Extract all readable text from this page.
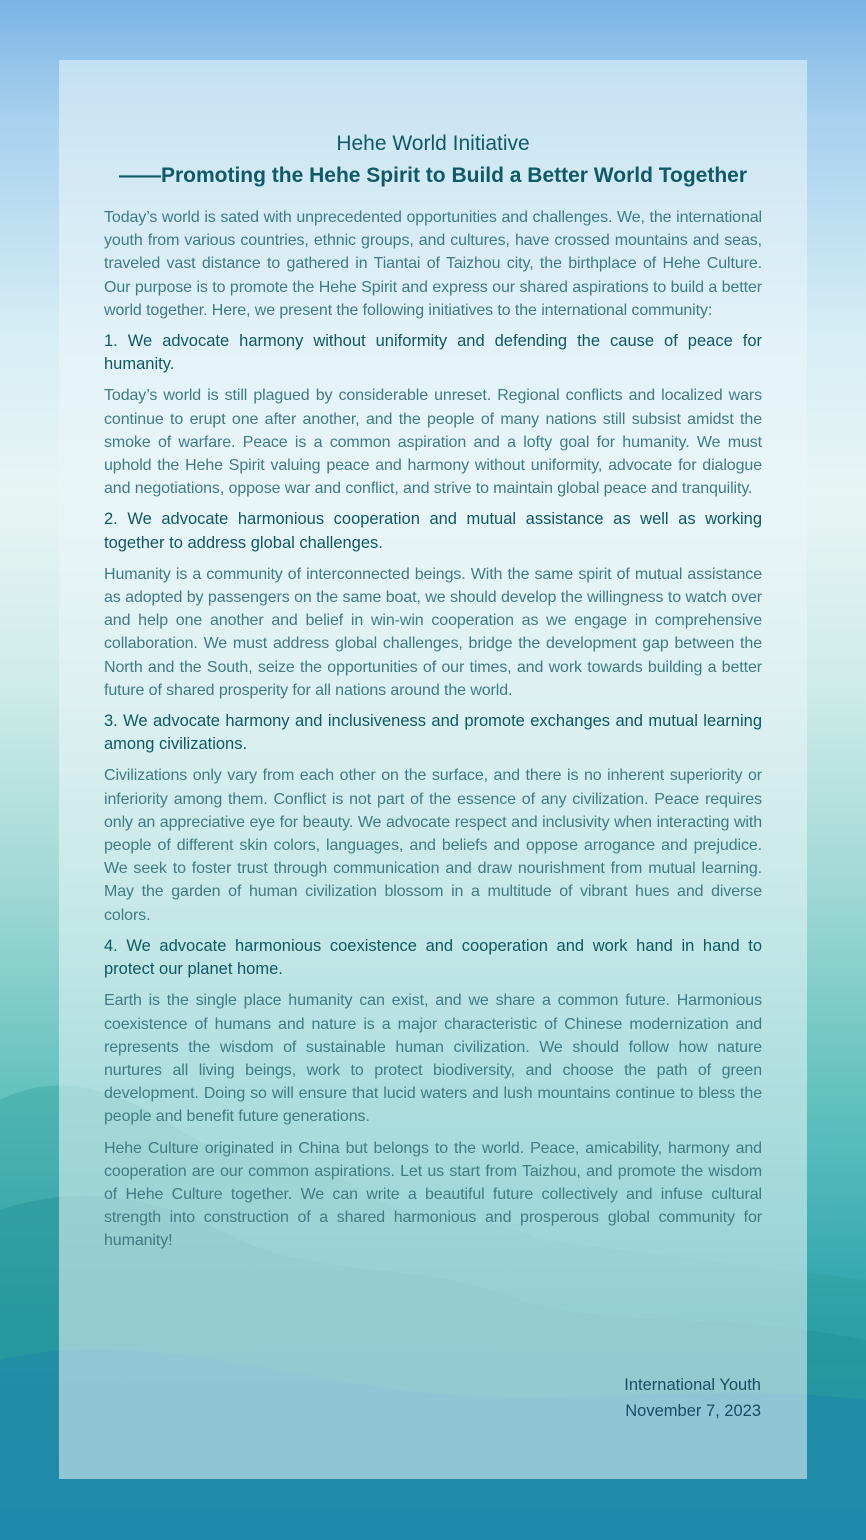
Hehe World Initiative
——Promoting the Hehe Spirit to Build a Better World Together

Today’s world is sated with unprecedented opportunities and challenges. We, the international youth from various countries, ethnic groups, and cultures, have crossed mountains and seas, traveled vast distance to gathered in Tiantai of Taizhou city, the birthplace of Hehe Culture. Our purpose is to promote the Hehe Spirit and express our shared aspirations to build a better world together. Here, we present the following initiatives to the international community:

1. We advocate harmony without uniformity and defending the cause of peace for humanity.

Today’s world is still plagued by considerable unreset. Regional conflicts and localized wars continue to erupt one after another, and the people of many nations still subsist amidst the smoke of warfare. Peace is a common aspiration and a lofty goal for humanity. We must uphold the Hehe Spirit valuing peace and harmony without uniformity, advocate for dialogue and negotiations, oppose war and conflict, and strive to maintain global peace and tranquility.

2. We advocate harmonious cooperation and mutual assistance as well as working together to address global challenges.

Humanity is a community of interconnected beings. With the same spirit of mutual assistance as adopted by passengers on the same boat, we should develop the willingness to watch over and help one another and belief in win-win cooperation as we engage in comprehensive collaboration. We must address global challenges, bridge the development gap between the North and the South, seize the opportunities of our times, and work towards building a better future of shared prosperity for all nations around the world.

3. We advocate harmony and inclusiveness and promote exchanges and mutual learning among civilizations.

Civilizations only vary from each other on the surface, and there is no inherent superiority or inferiority among them. Conflict is not part of the essence of any civilization. Peace requires only an appreciative eye for beauty. We advocate respect and inclusivity when interacting with people of different skin colors, languages, and beliefs and oppose arrogance and prejudice. We seek to foster trust through communication and draw nourishment from mutual learning. May the garden of human civilization blossom in a multitude of vibrant hues and diverse colors.

4. We advocate harmonious coexistence and cooperation and work hand in hand to protect our planet home.

Earth is the single place humanity can exist, and we share a common future. Harmonious coexistence of humans and nature is a major characteristic of Chinese modernization and represents the wisdom of sustainable human civilization. We should follow how nature nurtures all living beings, work to protect biodiversity, and choose the path of green development. Doing so will ensure that lucid waters and lush mountains continue to bless the people and benefit future generations.

Hehe Culture originated in China but belongs to the world. Peace, amicability, harmony and cooperation are our common aspirations. Let us start from Taizhou, and promote the wisdom of Hehe Culture together. We can write a beautiful future collectively and infuse cultural strength into construction of a shared harmonious and prosperous global community for humanity!

International Youth
November 7, 2023
